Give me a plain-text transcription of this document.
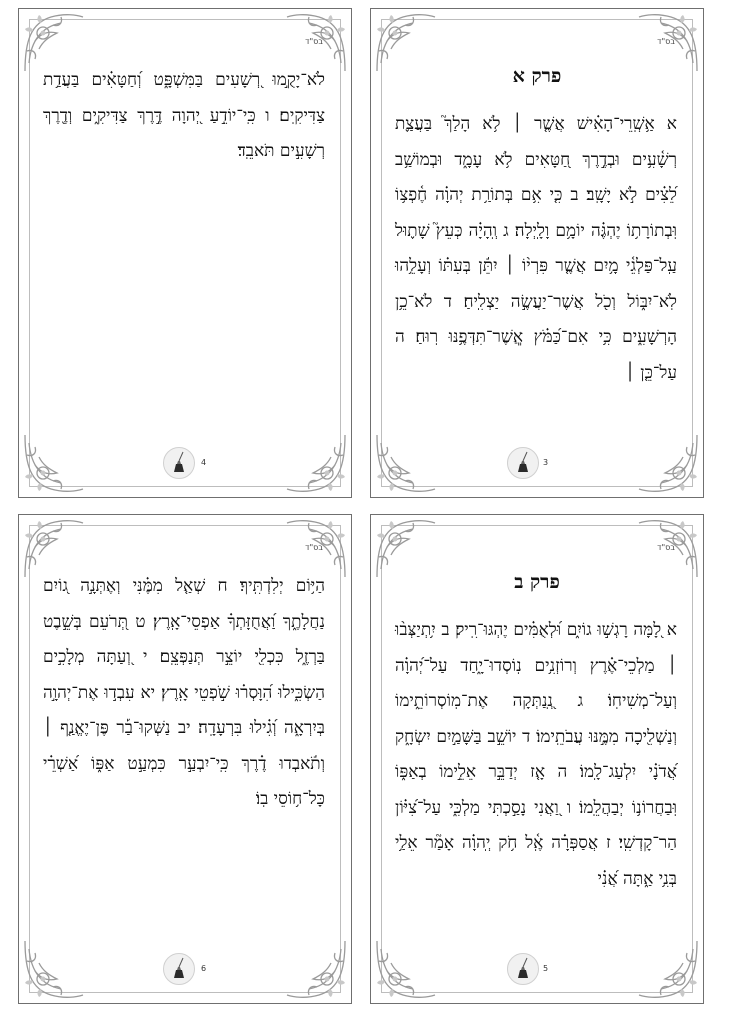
בס"ד
לֹא־יָקֻ֣מוּ רְ֭שָׁעִים בַּמִּשְׁפָּ֑ט וְ֝חַטָּאִ֗ים בַּעֲדַ֥ת צַדִּיקִֽים׃ ו כִּֽי־יוֹדֵ֣עַ יְ֭הוָה דֶּ֣רֶךְ צַדִּיקִ֑ים וְדֶ֖רֶךְ רְשָׁעִ֣ים תֹּאבֵֽד׃
4
בס"ד
פרק א
א אַ֥שְֽׁרֵי־הָאִ֗ישׁ אֲשֶׁ֤ר ׀ לֹ֥א הָלַךְ֮ בַּעֲצַ֪ת רְשָׁ֫עִ֥ים וּבְדֶ֣רֶךְ חַ֭טָּאִים לֹ֥א עָמָ֑ד וּבְמוֹשַׁ֥ב לֵ֝צִ֗ים לֹ֣א יָשָֽׁב׃ ב כִּ֤י אִ֥ם בְּתוֹרַ֥ת יְהוָ֗ה חֶ֫פְצ֥וֹ וּֽבְתוֹרָת֥וֹ יֶהְגֶּ֗ה יוֹמָ֥ם וָלָֽיְלָה׃ ג וְֽהָיָ֗ה כְּעֵץ֮ שָׁת֪וּל עַֽל־פַּלְגֵ֫י מָ֥יִם אֲשֶׁ֤ר פִּרְי֨וֹ ׀ יִתֵּ֬ן בְּעִתּ֗וֹ וְעָלֵ֥הוּ לֹֽא־יִבּ֑וֹל וְכֹ֖ל אֲשֶׁר־יַעֲשֶׂ֣ה יַצְלִֽיחַ׃ ד לֹא־כֵ֥ן הָרְשָׁעִ֑ים כִּ֥י אִם־כַּ֝מֹּ֗ץ אֲֽשֶׁר־תִּדְּפֶ֥נּוּ רֽוּחַ׃ ה עַל־כֵּ֤ן ׀
3
בס"ד
הַיּ֥וֹם יְלִדְתִּֽיךָ׃ ח שְׁאַ֤ל מִמֶּ֗נִּי וְאֶתְּנָ֣ה ג֭וֹיִם נַחֲלָתֶ֑ךָ וַ֝אֲחֻזָּתְךָ֗ אַפְסֵי־אָֽרֶץ׃ ט תְּ֭רֹעֵם בְּשֵׁ֣בֶט בַּרְזֶ֑ל כִּכְלִ֖י יוֹצֵ֣ר תְּנַפְּצֵֽם׃ י וְ֭עַתָּה מְלָכִ֣ים הַשְׂכִּ֑ילוּ הִ֝וָּסְר֗וּ שֹׁ֣פְטֵי אָֽרֶץ׃ יא עִבְד֣וּ אֶת־יְהוָ֣ה בְּיִרְאָ֑ה וְ֝גִ֗ילוּ בִּרְעָדָֽה׃ יב נַשְּׁקוּ־בַ֡ר פֶּן־יֶאֱנַ֤ף ׀ וְתֹ֬אבְדוּ דֶ֗רֶךְ כִּֽי־יִבְעַ֣ר כִּמְעַ֣ט אַפּ֑וֹ אַ֝שְׁרֵ֗י כָּל־ח֥וֹסֵי בֽוֹ׃
6
בס"ד
פרק ב
א לָ֭מָּה רָגְשׁ֣וּ גוֹיִ֑ם וּ֝לְאֻמִּ֗ים יֶהְגּוּ־רִֽיק׃ ב יִ֥תְיַצְּב֨וּ ׀ מַלְכֵי־אֶ֗רֶץ וְרוֹזְנִ֥ים נֽוֹסְדוּ־יָ֑חַד עַל־יְ֝הוָ֗ה וְעַל־מְשִׁיחֽוֹ׃ ג נְֽ֭נַתְּקָה אֶת־מֽוֹסְרוֹתֵ֑ימוֹ וְנַשְׁלִ֖יכָה מִמֶּ֣נּוּ עֲבֹתֵֽימוֹ׃ ד יוֹשֵׁ֣ב בַּשָּׁמַ֣יִם יִשְׂחָ֑ק אֲ֝דֹנָ֗י יִלְעַג־לָֽמוֹ׃ ה אָ֤ז יְדַבֵּ֣ר אֵלֵ֣ימוֹ בְאַפּ֑וֹ וּֽבַחֲרוֹנ֥וֹ יְבַהֲלֵֽמוֹ׃ ו וַ֭אֲנִי נָסַ֣כְתִּי מַלְכִּ֑י עַל־צִ֝יּ֗וֹן הַר־קָדְשִֽׁי׃ ז אֲסַפְּרָ֗ה אֶֽ֫ל חֹ֥ק יְֽהוָ֗ה אָמַ֘ר אֵלַ֥י בְּנִ֥י אַ֑תָּה אֲ֝נִ֗י
5
